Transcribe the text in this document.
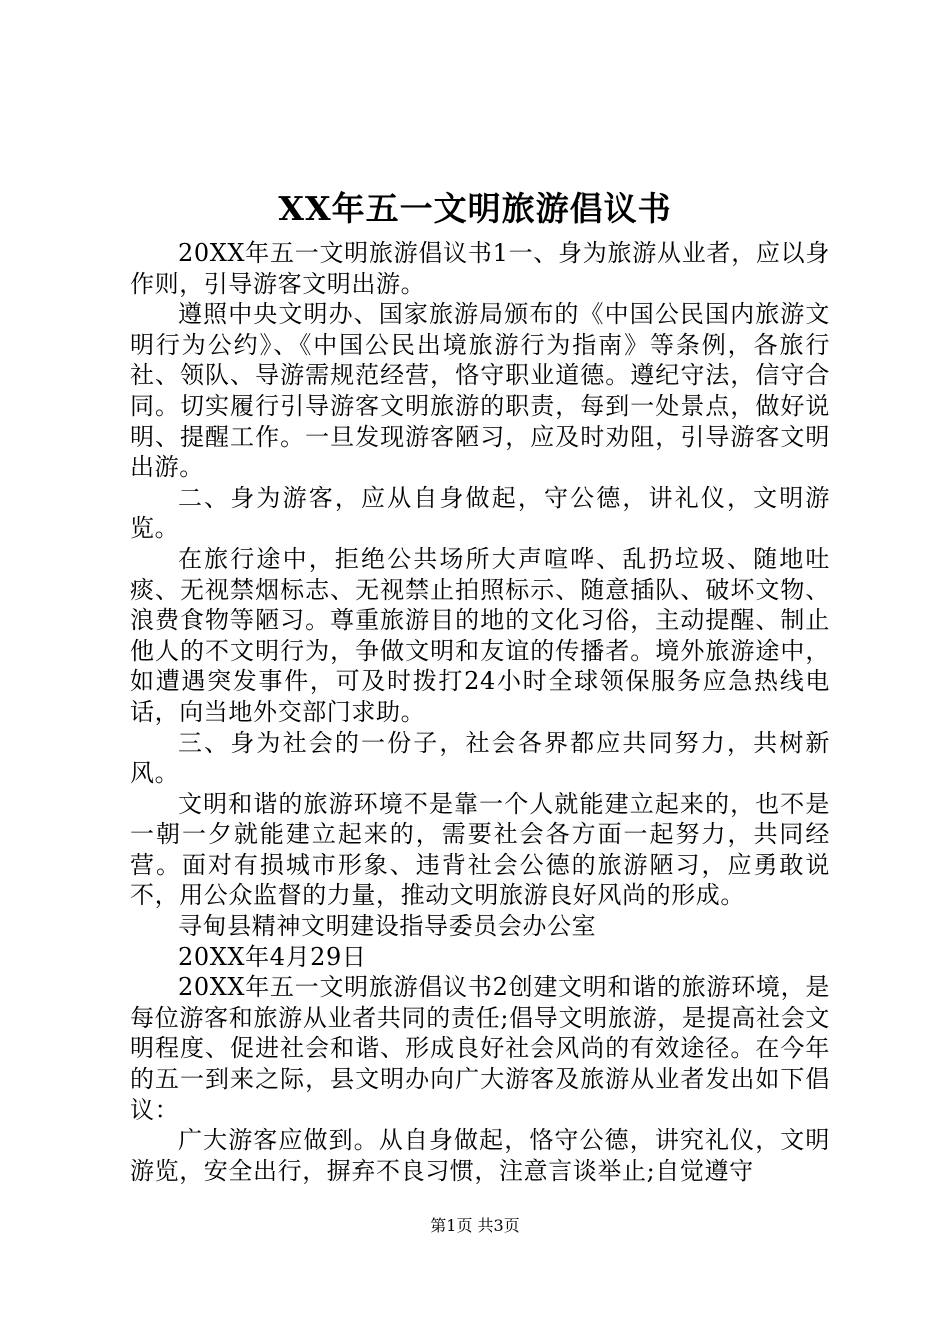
XX年五一文明旅游倡议书

20XX年五一文明旅游倡议书1一、身为旅游从业者，应以身作则，引导游客文明出游。

遵照中央文明办、国家旅游局颁布的《中国公民国内旅游文明行为公约》、《中国公民出境旅游行为指南》等条例，各旅行社、领队、导游需规范经营，恪守职业道德。遵纪守法，信守合同。切实履行引导游客文明旅游的职责，每到一处景点，做好说明、提醒工作。一旦发现游客陋习，应及时劝阻，引导游客文明出游。

二、身为游客，应从自身做起，守公德，讲礼仪，文明游览。

在旅行途中，拒绝公共场所大声喧哗、乱扔垃圾、随地吐痰、无视禁烟标志、无视禁止拍照标示、随意插队、破坏文物、浪费食物等陋习。尊重旅游目的地的文化习俗，主动提醒、制止他人的不文明行为，争做文明和友谊的传播者。境外旅游途中，如遭遇突发事件，可及时拨打24小时全球领保服务应急热线电话，向当地外交部门求助。

三、身为社会的一份子，社会各界都应共同努力，共树新风。

文明和谐的旅游环境不是靠一个人就能建立起来的，也不是一朝一夕就能建立起来的，需要社会各方面一起努力，共同经营。面对有损城市形象、违背社会公德的旅游陋习，应勇敢说不，用公众监督的力量，推动文明旅游良好风尚的形成。

寻甸县精神文明建设指导委员会办公室

20XX年4月29日

20XX年五一文明旅游倡议书2创建文明和谐的旅游环境，是每位游客和旅游从业者共同的责任;倡导文明旅游，是提高社会文明程度、促进社会和谐、形成良好社会风尚的有效途径。在今年的五一到来之际，县文明办向广大游客及旅游从业者发出如下倡议：

广大游客应做到。从自身做起，恪守公德，讲究礼仪，文明游览，安全出行，摒弃不良习惯，注意言谈举止;自觉遵守

第1页 共3页
